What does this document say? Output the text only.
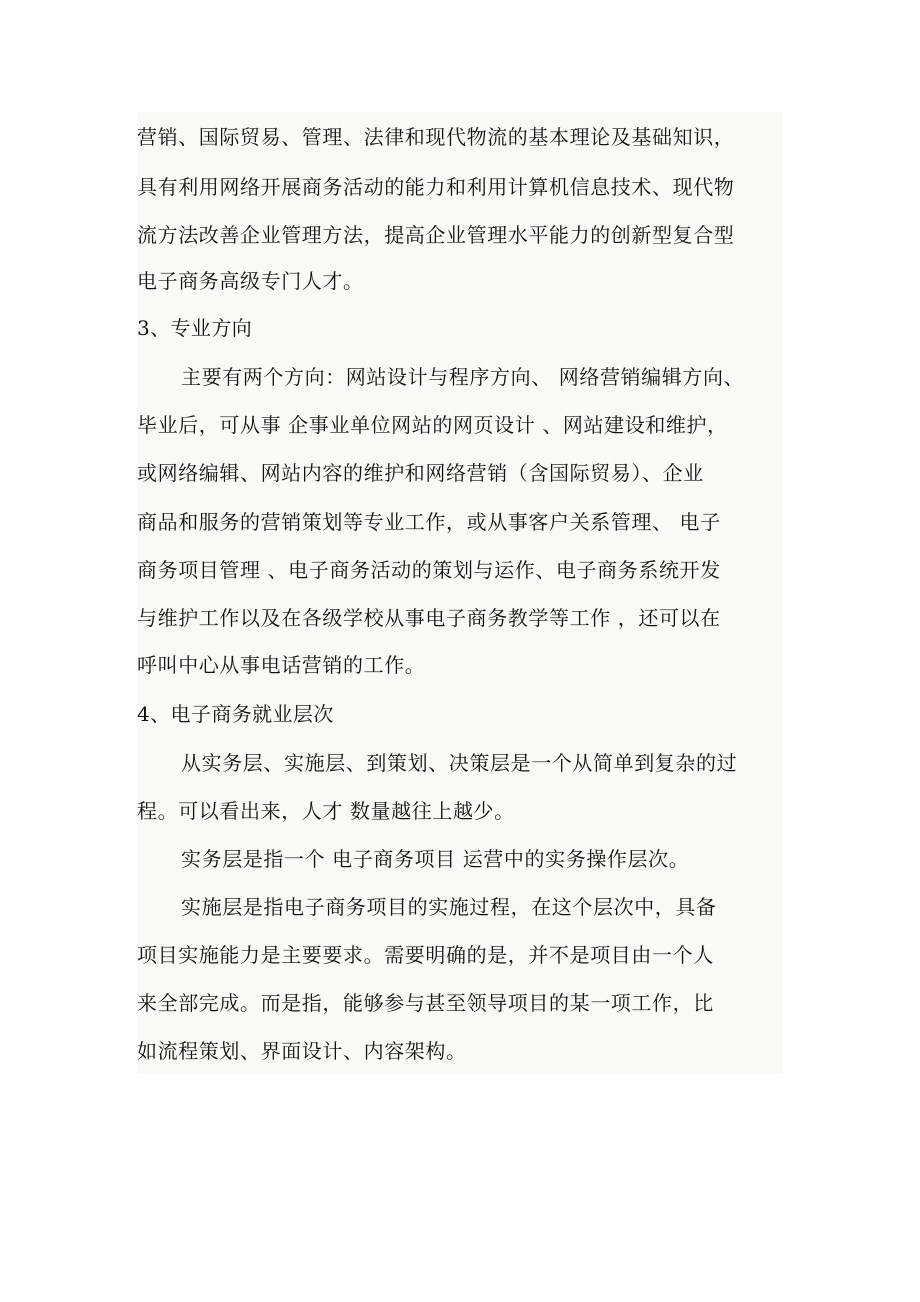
营销、国际贸易、管理、法律和现代物流的基本理论及基础知识，
具有利用网络开展商务活动的能力和利用计算机信息技术、现代物
流方法改善企业管理方法，提高企业管理水平能力的创新型复合型
电子商务高级专门人才。
3、专业方向
主要有两个方向：网站设计与程序方向、 网络营销编辑方向、
毕业后，可从事 企事业单位网站的网页设计 、网站建设和维护，
或网络编辑、网站内容的维护和网络营销（含国际贸易）、企业
商品和服务的营销策划等专业工作，或从事客户关系管理、 电子
商务项目管理 、电子商务活动的策划与运作、电子商务系统开发
与维护工作以及在各级学校从事电子商务教学等工作 ，还可以在
呼叫中心从事电话营销的工作。
4、电子商务就业层次
从实务层、实施层、到策划、决策层是一个从简单到复杂的过
程。可以看出来，人才 数量越往上越少。
实务层是指一个 电子商务项目 运营中的实务操作层次。
实施层是指电子商务项目的实施过程，在这个层次中，具备
项目实施能力是主要要求。需要明确的是，并不是项目由一个人
来全部完成。而是指，能够参与甚至领导项目的某一项工作，比
如流程策划、界面设计、内容架构。
